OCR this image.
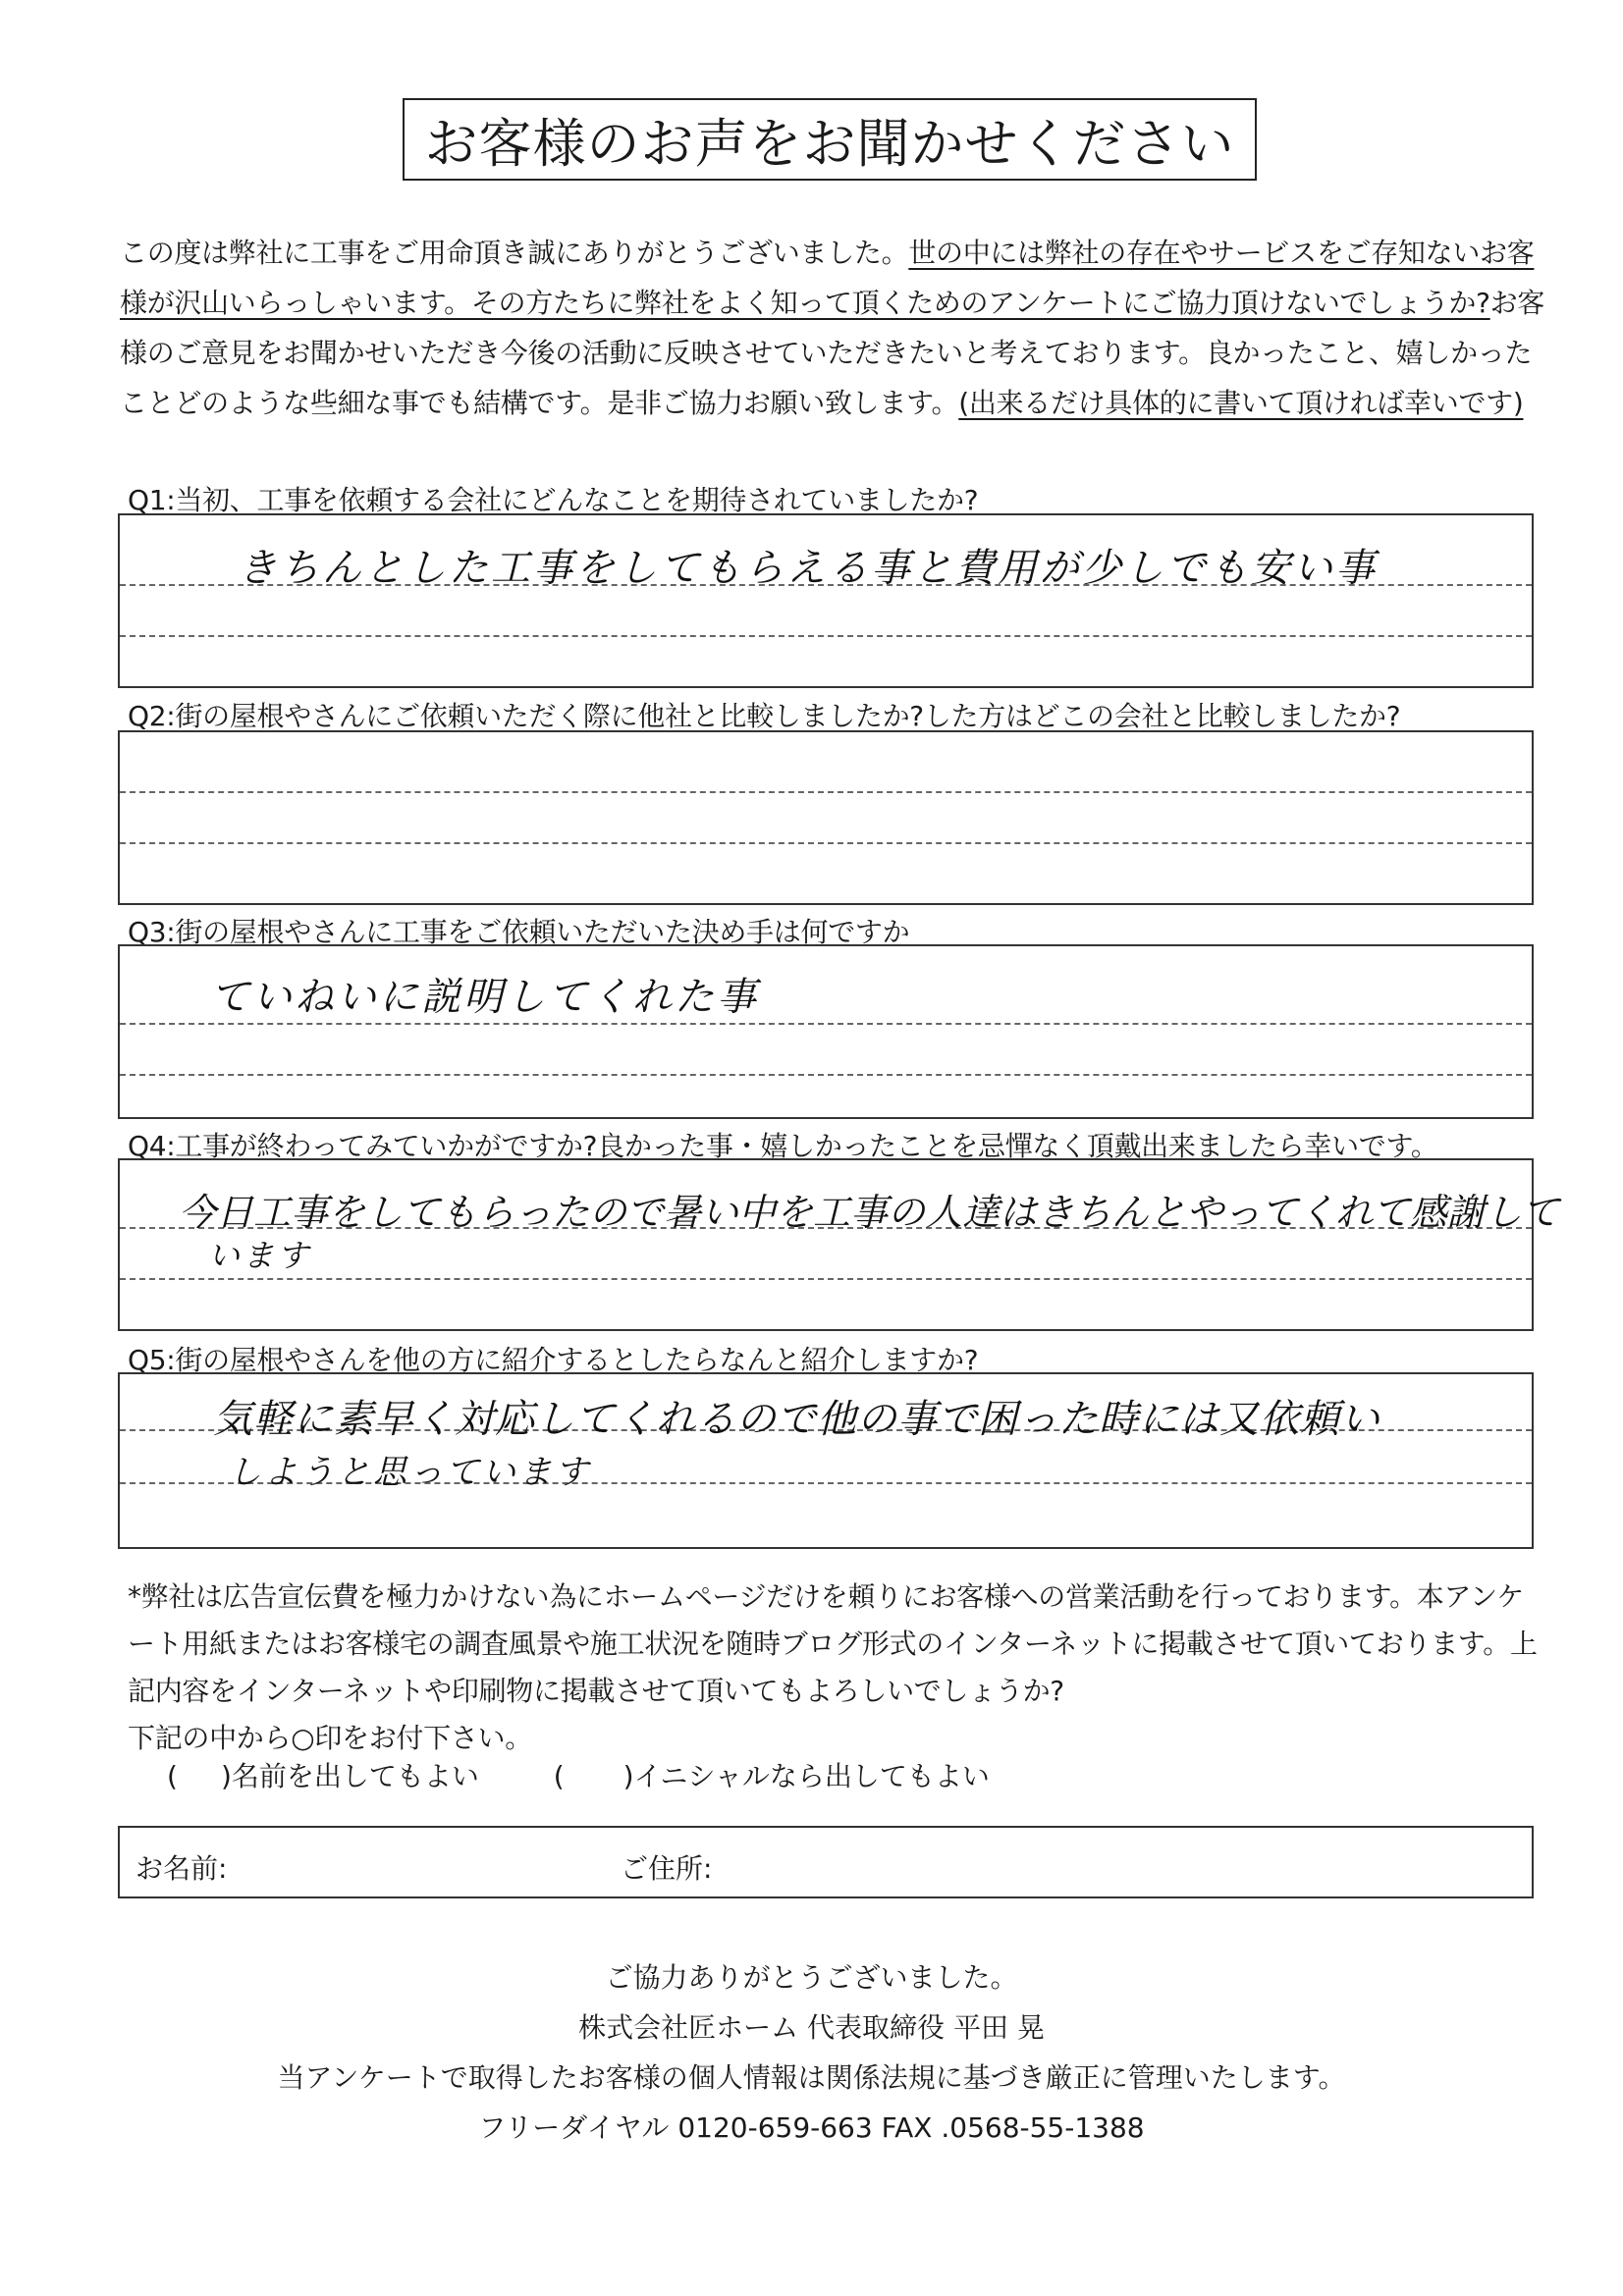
お客様のお声をお聞かせください
この度は弊社に工事をご用命頂き誠にありがとうございました。世の中には弊社の存在やサービスをご存知ないお客様が沢山いらっしゃいます。その方たちに弊社をよく知って頂くためのアンケートにご協力頂けないでしょうか?お客様のご意見をお聞かせいただき今後の活動に反映させていただきたいと考えております。良かったこと、嬉しかったことどのような些細な事でも結構です。是非ご協力お願い致します。(出来るだけ具体的に書いて頂ければ幸いです)
Q1:当初、工事を依頼する会社にどんなことを期待されていましたか?
きちんとした工事をしてもらえる事と費用が少しでも安い事
Q2:街の屋根やさんにご依頼いただく際に他社と比較しましたか?した方はどこの会社と比較しましたか?
Q3:街の屋根やさんに工事をご依頼いただいた決め手は何ですか
ていねいに説明してくれた事
Q4:工事が終わってみていかがですか?良かった事・嬉しかったことを忌憚なく頂戴出来ましたら幸いです。
今日工事をしてもらったので暑い中を工事の人達はきちんとやってくれて感謝して
います
Q5:街の屋根やさんを他の方に紹介するとしたらなんと紹介しますか?
気軽に素早く対応してくれるので他の事で困った時には又依頼い
しようと思っています
*弊社は広告宣伝費を極力かけない為にホームページだけを頼りにお客様への営業活動を行っております。本アンケート用紙またはお客様宅の調査風景や施工状況を随時ブログ形式のインターネットに掲載させて頂いております。上記内容をインターネットや印刷物に掲載させて頂いてもよろしいでしょうか?
下記の中から○印をお付下さい。
( )名前を出してもよい	( )イニシャルなら出してもよい
お名前:	ご住所:
ご協力ありがとうございました。
株式会社匠ホーム 代表取締役 平田 晃
当アンケートで取得したお客様の個人情報は関係法規に基づき厳正に管理いたします。
フリーダイヤル 0120-659-663 FAX .0568-55-1388
